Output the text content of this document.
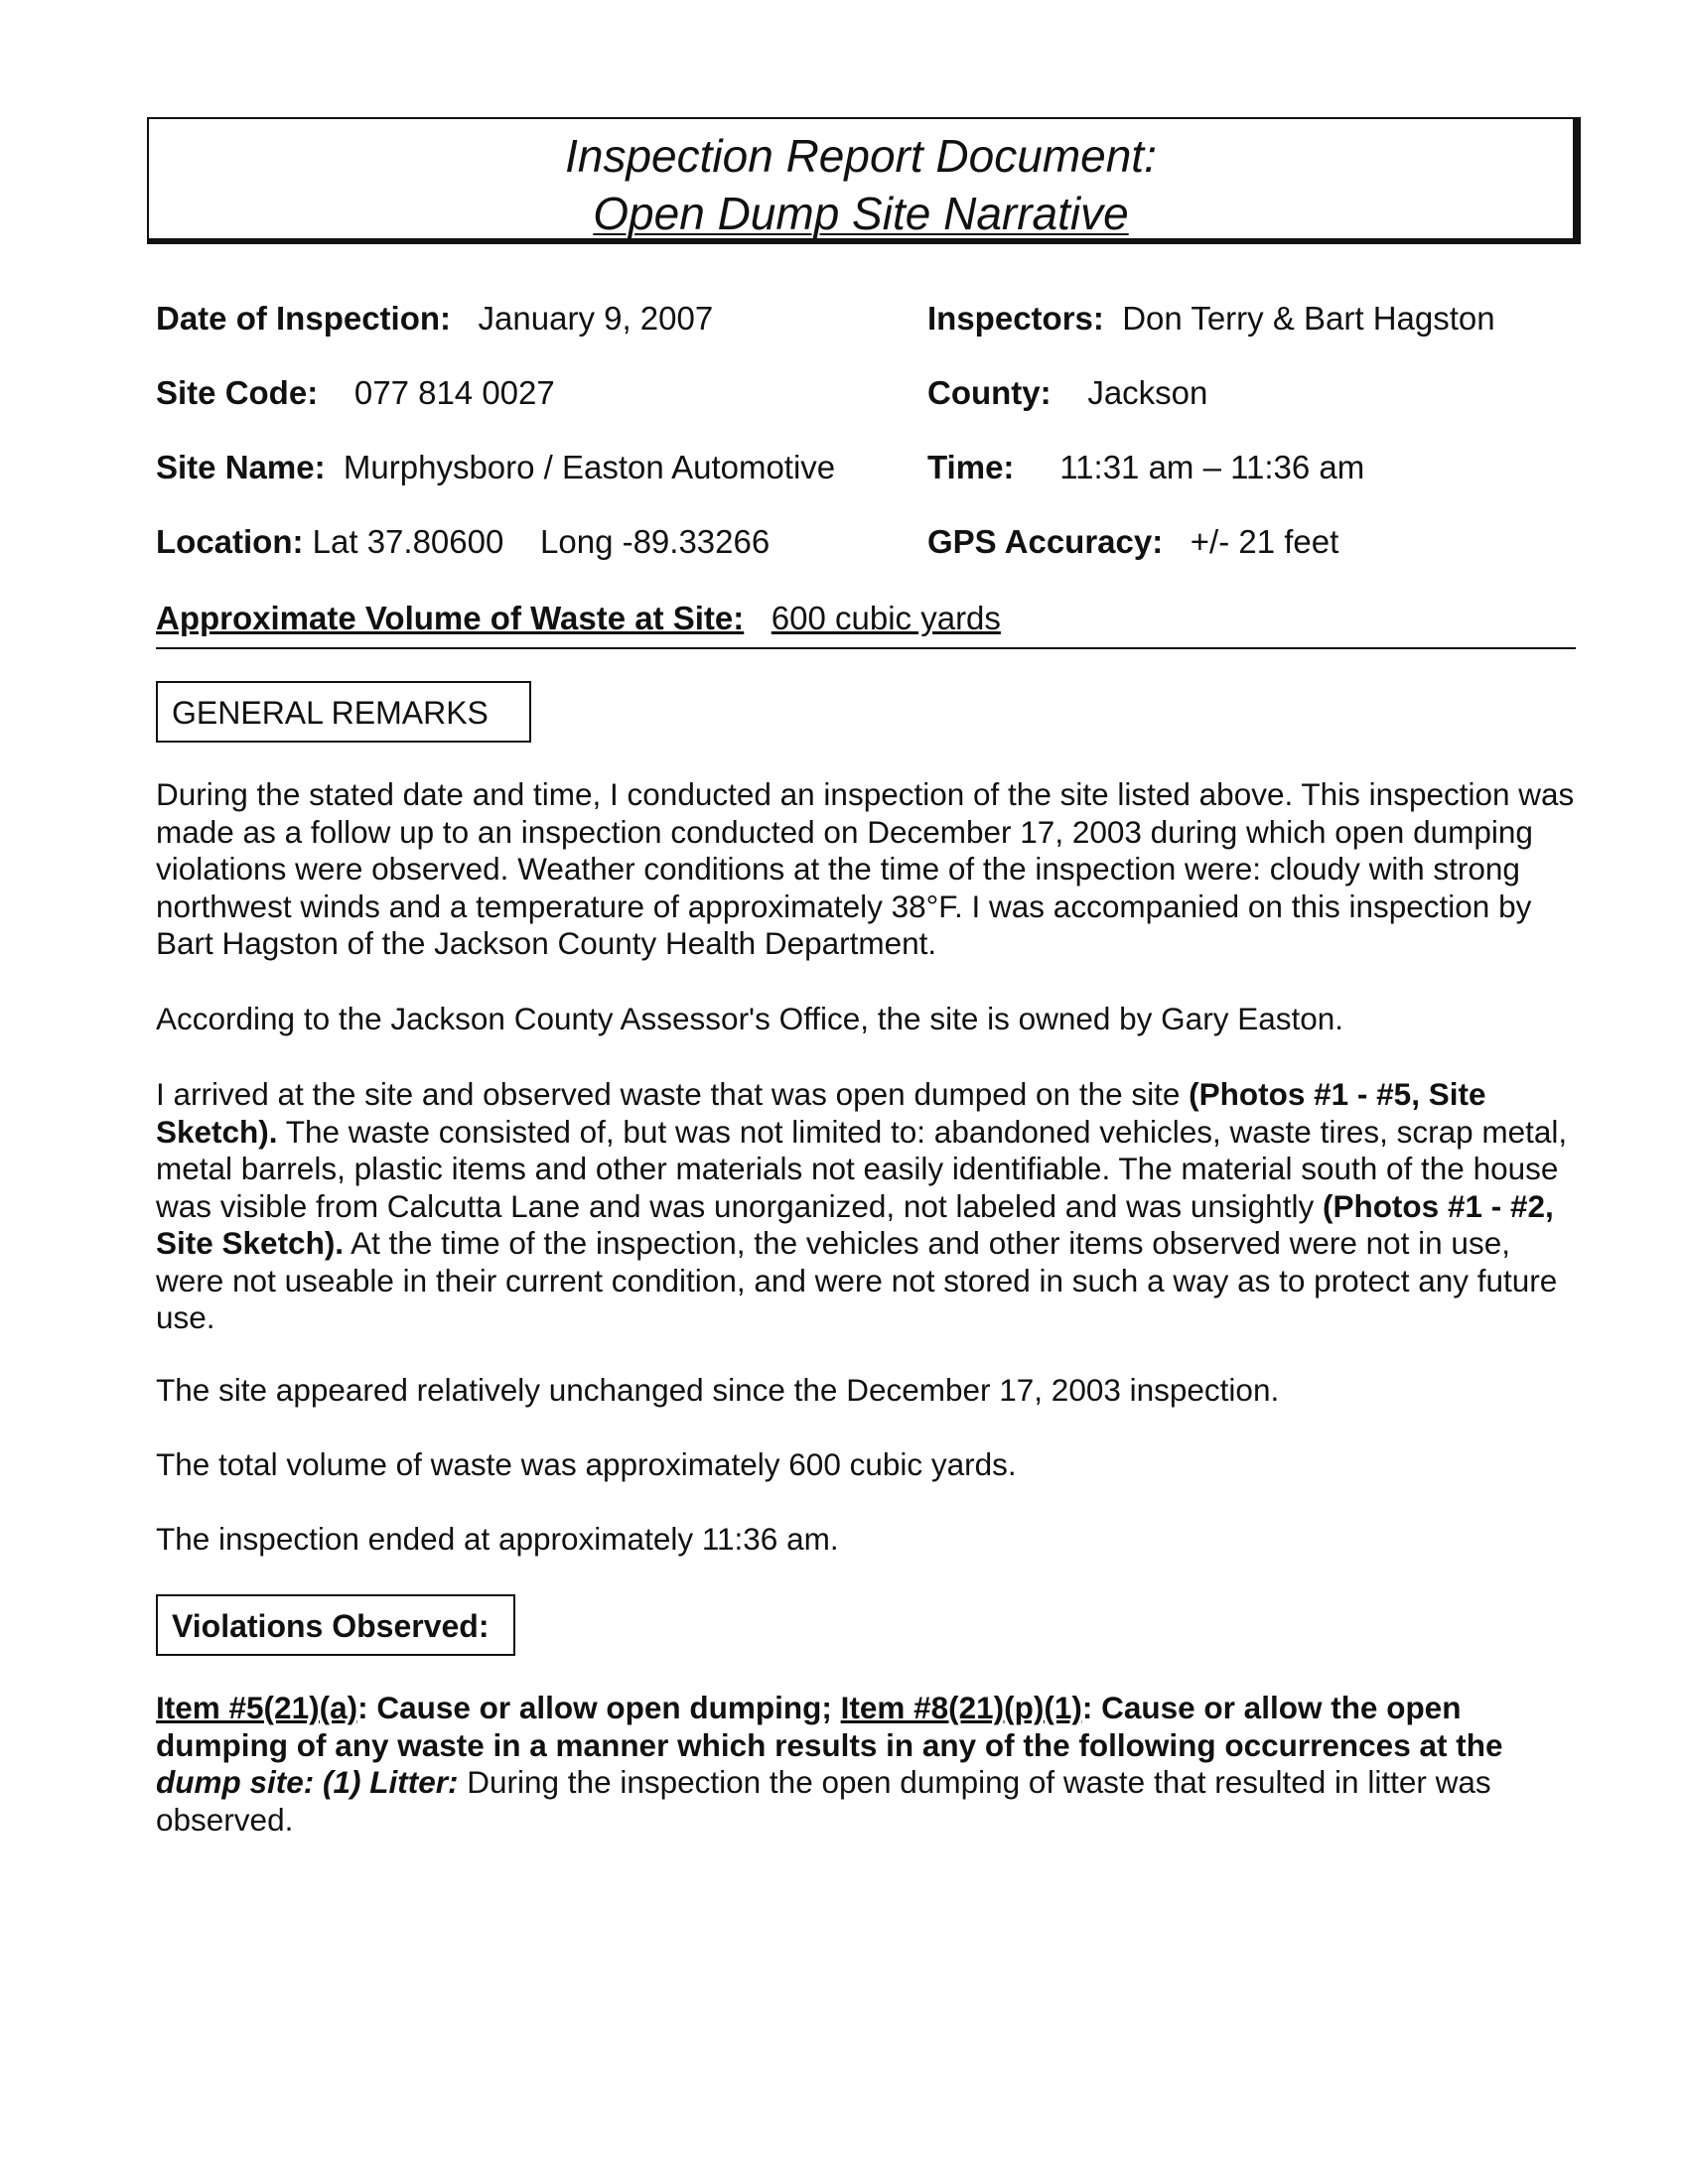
Inspection Report Document:
Open Dump Site Narrative
Date of Inspection: January 9, 2007
Site Code: 077 814 0027
Site Name: Murphysboro / Easton Automotive
Location: Lat 37.80600    Long -89.33266
Inspectors: Don Terry & Bart Hagston
County: Jackson
Time: 11:31 am – 11:36 am
GPS Accuracy: +/- 21 feet
Approximate Volume of Waste at Site: 600 cubic yards
GENERAL REMARKS
During the stated date and time, I conducted an inspection of the site listed above. This inspection was made as a follow up to an inspection conducted on December 17, 2003 during which open dumping violations were observed. Weather conditions at the time of the inspection were: cloudy with strong northwest winds and a temperature of approximately 38°F. I was accompanied on this inspection by Bart Hagston of the Jackson County Health Department.
According to the Jackson County Assessor's Office, the site is owned by Gary Easton.
I arrived at the site and observed waste that was open dumped on the site (Photos #1 - #5, Site Sketch). The waste consisted of, but was not limited to: abandoned vehicles, waste tires, scrap metal, metal barrels, plastic items and other materials not easily identifiable. The material south of the house was visible from Calcutta Lane and was unorganized, not labeled and was unsightly (Photos #1 - #2, Site Sketch). At the time of the inspection, the vehicles and other items observed were not in use, were not useable in their current condition, and were not stored in such a way as to protect any future use.
The site appeared relatively unchanged since the December 17, 2003 inspection.
The total volume of waste was approximately 600 cubic yards.
The inspection ended at approximately 11:36 am.
Violations Observed:
Item #5(21)(a): Cause or allow open dumping; Item #8(21)(p)(1): Cause or allow the open dumping of any waste in a manner which results in any of the following occurrences at the dump site: (1) Litter: During the inspection the open dumping of waste that resulted in litter was observed.
